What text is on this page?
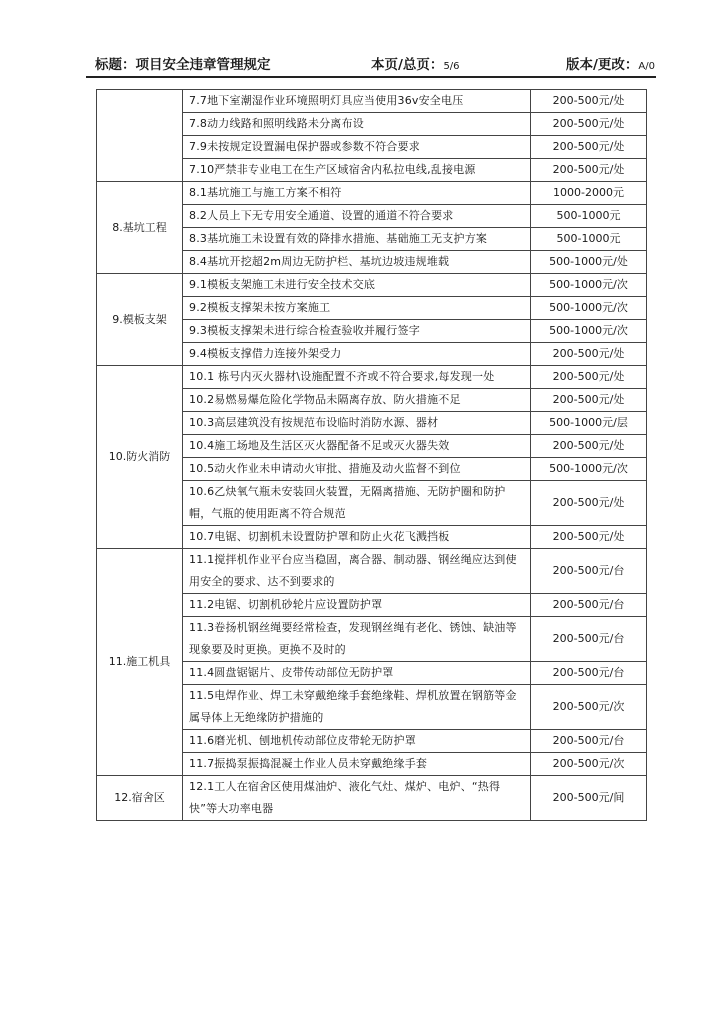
标题：项目安全违章管理规定	本页/总页：5/6	版本/更改：A/0
	7.7地下室潮湿作业环境照明灯具应当使用36v安全电压	200-500元/处
	7.8动力线路和照明线路未分离布设	200-500元/处
	7.9未按规定设置漏电保护器或参数不符合要求	200-500元/处
	7.10严禁非专业电工在生产区域宿舍内私拉电线,乱接电源	200-500元/处
8.基坑工程	8.1基坑施工与施工方案不相符	1000-2000元
	8.2人员上下无专用安全通道、设置的通道不符合要求	500-1000元
	8.3基坑施工未设置有效的降排水措施、基础施工无支护方案	500-1000元
	8.4基坑开挖超2m周边无防护栏、基坑边坡违规堆载	500-1000元/处
9.模板支架	9.1模板支架施工未进行安全技术交底	500-1000元/次
	9.2模板支撑架未按方案施工	500-1000元/次
	9.3模板支撑架未进行综合检查验收并履行签字	500-1000元/次
	9.4模板支撑借力连接外架受力	200-500元/处
10.防火消防	10.1 栋号内灭火器材\设施配置不齐或不符合要求,每发现一处	200-500元/处
	10.2易燃易爆危险化学物品未隔离存放、防火措施不足	200-500元/处
	10.3高层建筑没有按规范布设临时消防水源、器材	500-1000元/层
	10.4施工场地及生活区灭火器配备不足或灭火器失效	200-500元/处
	10.5动火作业未申请动火审批、措施及动火监督不到位	500-1000元/次
	10.6乙炔氧气瓶未安装回火装置，无隔离措施、无防护圈和防护帽，气瓶的使用距离不符合规范	200-500元/处
	10.7电锯、切割机未设置防护罩和防止火花飞溅挡板	200-500元/处
11.施工机具	11.1搅拌机作业平台应当稳固，离合器、制动器、钢丝绳应达到使用安全的要求、达不到要求的	200-500元/台
	11.2电锯、切割机砂轮片应设置防护罩	200-500元/台
	11.3卷扬机钢丝绳要经常检查，发现钢丝绳有老化、锈蚀、缺油等现象要及时更换。更换不及时的	200-500元/台
	11.4圆盘锯锯片、皮带传动部位无防护罩	200-500元/台
	11.5电焊作业、焊工未穿戴绝缘手套绝缘鞋、焊机放置在钢筋等金属导体上无绝缘防护措施的	200-500元/次
	11.6磨光机、刨地机传动部位皮带轮无防护罩	200-500元/台
	11.7振捣泵振捣混凝土作业人员未穿戴绝缘手套	200-500元/次
12.宿舍区	12.1工人在宿舍区使用煤油炉、液化气灶、煤炉、电炉、“热得快”等大功率电器	200-500元/间
